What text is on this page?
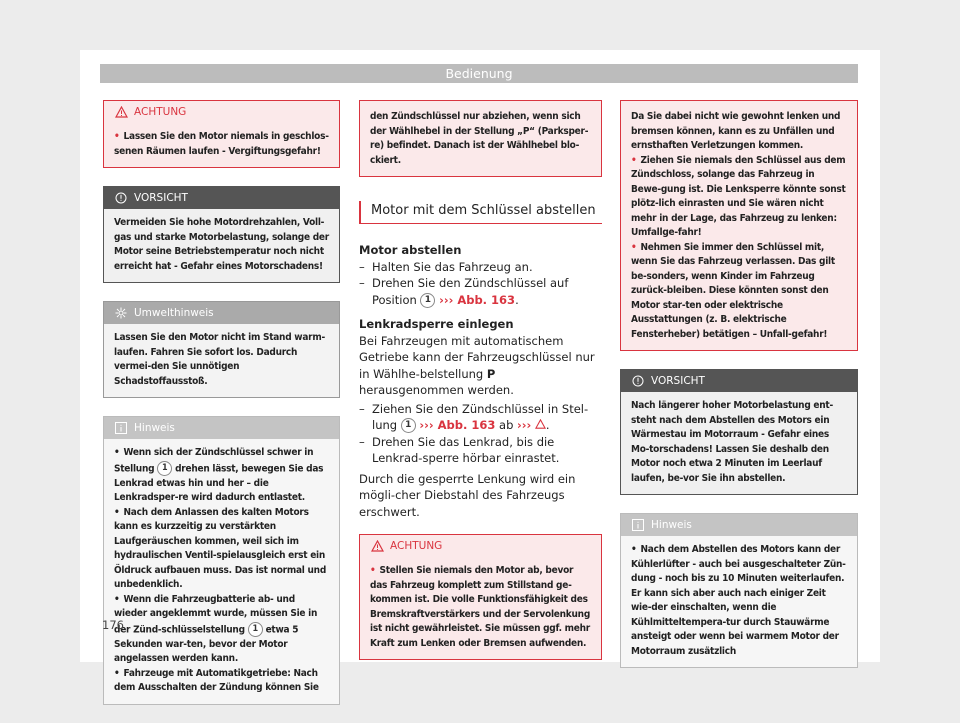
Bedienung
ACHTUNG
• Lassen Sie den Motor niemals in geschlos-senen Räumen laufen - Vergiftungsgefahr!
VORSICHT
Vermeiden Sie hohe Motordrehzahlen, Voll-gas und starke Motorbelastung, solange der Motor seine Betriebstemperatur noch nicht erreicht hat - Gefahr eines Motorschadens!
Umwelthinweis
Lassen Sie den Motor nicht im Stand warm-laufen. Fahren Sie sofort los. Dadurch vermei-den Sie unnötigen Schadstoffausstoß.
Hinweis
• Wenn sich der Zündschlüssel schwer in Stellung 1 drehen lässt, bewegen Sie das Lenkrad etwas hin und her – die Lenkradsper-re wird dadurch entlastet.
• Nach dem Anlassen des kalten Motors kann es kurzzeitig zu verstärkten Laufgeräuschen kommen, weil sich im hydraulischen Ventil-spielausgleich erst ein Öldruck aufbauen muss. Das ist normal und unbedenklich.
• Wenn die Fahrzeugbatterie ab- und wieder angeklemmt wurde, müssen Sie in der Zünd-schlüsselstellung 1 etwa 5 Sekunden war-ten, bevor der Motor angelassen werden kann.
• Fahrzeuge mit Automatikgetriebe: Nach dem Ausschalten der Zündung können Sie
den Zündschlüssel nur abziehen, wenn sich der Wählhebel in der Stellung „P“ (Parksper-re) befindet. Danach ist der Wählhebel blo-ckiert.
Motor mit dem Schlüssel abstellen
Motor abstellen
– Halten Sie das Fahrzeug an.
– Drehen Sie den Zündschlüssel auf Position 1 ››› Abb. 163.
Lenkradsperre einlegen
Bei Fahrzeugen mit automatischem Getriebe kann der Fahrzeugschlüssel nur in Wählhe-belstellung P herausgenommen werden.
– Ziehen Sie den Zündschlüssel in Stel-lung 1 ››› Abb. 163 ab ››› .
– Drehen Sie das Lenkrad, bis die Lenkrad-sperre hörbar einrastet.
Durch die gesperrte Lenkung wird ein mögli-cher Diebstahl des Fahrzeugs erschwert.
ACHTUNG
• Stellen Sie niemals den Motor ab, bevor das Fahrzeug komplett zum Stillstand ge-kommen ist. Die volle Funktionsfähigkeit des Bremskraftverstärkers und der Servolenkung ist nicht gewährleistet. Sie müssen ggf. mehr Kraft zum Lenken oder Bremsen aufwenden.
Da Sie dabei nicht wie gewohnt lenken und bremsen können, kann es zu Unfällen und ernsthaften Verletzungen kommen.
• Ziehen Sie niemals den Schlüssel aus dem Zündschloss, solange das Fahrzeug in Bewe-gung ist. Die Lenksperre könnte sonst plötz-lich einrasten und Sie wären nicht mehr in der Lage, das Fahrzeug zu lenken: Umfallge-fahr!
• Nehmen Sie immer den Schlüssel mit, wenn Sie das Fahrzeug verlassen. Das gilt be-sonders, wenn Kinder im Fahrzeug zurück-bleiben. Diese könnten sonst den Motor star-ten oder elektrische Ausstattungen (z. B. elektrische Fensterheber) betätigen – Unfall-gefahr!
VORSICHT
Nach längerer hoher Motorbelastung ent-steht nach dem Abstellen des Motors ein Wärmestau im Motorraum - Gefahr eines Mo-torschadens! Lassen Sie deshalb den Motor noch etwa 2 Minuten im Leerlauf laufen, be-vor Sie ihn abstellen.
Hinweis
• Nach dem Abstellen des Motors kann der Kühlerlüfter - auch bei ausgeschalteter Zün-dung - noch bis zu 10 Minuten weiterlaufen. Er kann sich aber auch nach einiger Zeit wie-der einschalten, wenn die Kühlmitteltempera-tur durch Stauwärme ansteigt oder wenn bei warmem Motor der Motorraum zusätzlich
176
